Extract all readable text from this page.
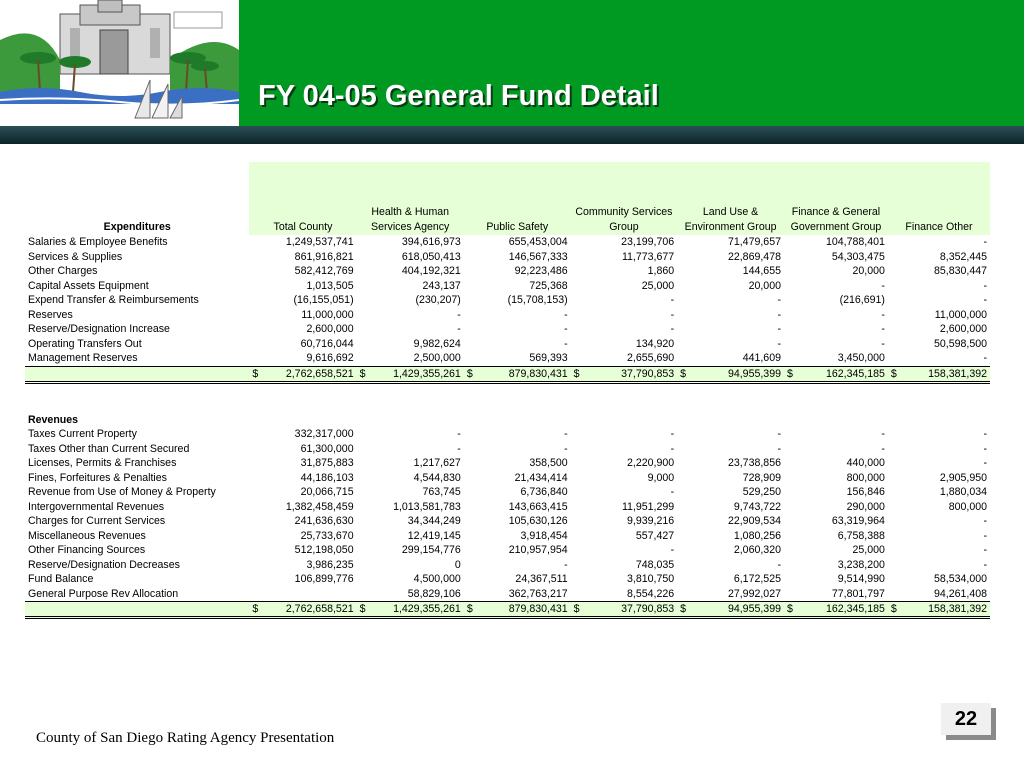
FY 04-05 General Fund Detail
Expenditures	Total County	Health & Human Services Agency	Public Safety	Community Services Group	Land Use & Environment Group	Finance & General Government Group	Finance Other
Salaries & Employee Benefits	1,249,537,741	394,616,973	655,453,004	23,199,706	71,479,657	104,788,401	-
Services & Supplies	861,916,821	618,050,413	146,567,333	11,773,677	22,869,478	54,303,475	8,352,445
Other Charges	582,412,769	404,192,321	92,223,486	1,860	144,655	20,000	85,830,447
Capital Assets Equipment	1,013,505	243,137	725,368	25,000	20,000	-	-
Expend Transfer & Reimbursements	(16,155,051)	(230,207)	(15,708,153)	-	-	(216,691)	-
Reserves	11,000,000	-	-	-	-	-	11,000,000
Reserve/Designation Increase	2,600,000	-	-	-	-	-	2,600,000
Operating Transfers Out	60,716,044	9,982,624	-	134,920	-	-	50,598,500
Management Reserves	9,616,692	2,500,000	569,393	2,655,690	441,609	3,450,000	-

	$ 2,762,658,521	$ 1,429,355,261	$ 879,830,431	$ 37,790,853	$ 94,955,399	$ 162,345,185	$ 158,381,392

Revenues							
Taxes Current Property	332,317,000	-	-	-	-	-	-
Taxes Other than Current Secured	61,300,000	-	-	-	-	-	-
Licenses, Permits & Franchises	31,875,883	1,217,627	358,500	2,220,900	23,738,856	440,000	-
Fines, Forfeitures & Penalties	44,186,103	4,544,830	21,434,414	9,000	728,909	800,000	2,905,950
Revenue from Use of Money & Property	20,066,715	763,745	6,736,840	-	529,250	156,846	1,880,034
Intergovernmental Revenues	1,382,458,459	1,013,581,783	143,663,415	11,951,299	9,743,722	290,000	800,000
Charges for Current Services	241,636,630	34,344,249	105,630,126	9,939,216	22,909,534	63,319,964	-
Miscellaneous Revenues	25,733,670	12,419,145	3,918,454	557,427	1,080,256	6,758,388	-
Other Financing Sources	512,198,050	299,154,776	210,957,954	-	2,060,320	25,000	-
Reserve/Designation Decreases	3,986,235	0	-	748,035	-	3,238,200	-
Fund Balance	106,899,776	4,500,000	24,367,511	3,810,750	6,172,525	9,514,990	58,534,000
General Purpose Rev Allocation		58,829,106	362,763,217	8,554,226	27,992,027	77,801,797	94,261,408

	$ 2,762,658,521	$ 1,429,355,261	$ 879,830,431	$ 37,790,853	$ 94,955,399	$ 162,345,185	$ 158,381,392
County of San Diego Rating Agency Presentation
22
